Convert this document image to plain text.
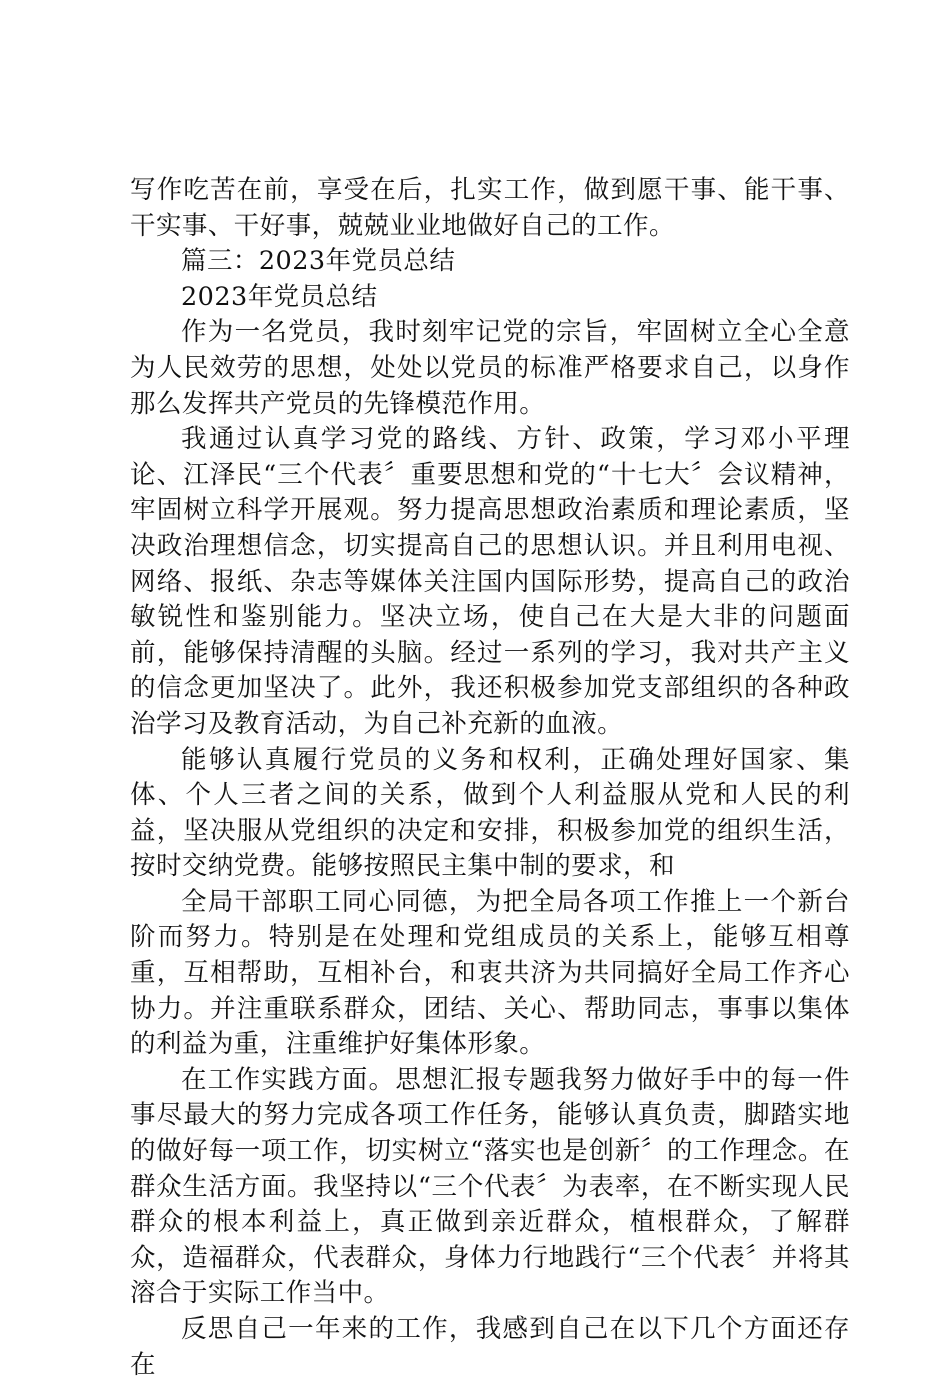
写作吃苦在前，享受在后，扎实工作，做到愿干事、能干事、干实事、干好事，兢兢业业地做好自己的工作。

篇三：2023年党员总结

2023年党员总结

作为一名党员，我时刻牢记党的宗旨，牢固树立全心全意为人民效劳的思想，处处以党员的标准严格要求自己，以身作那么发挥共产党员的先锋模范作用。

我通过认真学习党的路线、方针、政策，学习邓小平理论、江泽民“三个代表〞重要思想和党的“十七大〞会议精神，牢固树立科学开展观。努力提高思想政治素质和理论素质，坚决政治理想信念，切实提高自己的思想认识。并且利用电视、网络、报纸、杂志等媒体关注国内国际形势，提高自己的政治敏锐性和鉴别能力。坚决立场，使自己在大是大非的问题面前，能够保持清醒的头脑。经过一系列的学习，我对共产主义的信念更加坚决了。此外，我还积极参加党支部组织的各种政治学习及教育活动，为自己补充新的血液。

能够认真履行党员的义务和权利，正确处理好国家、集体、个人三者之间的关系，做到个人利益服从党和人民的利益，坚决服从党组织的决定和安排，积极参加党的组织生活，按时交纳党费。能够按照民主集中制的要求，和

全局干部职工同心同德，为把全局各项工作推上一个新台阶而努力。特别是在处理和党组成员的关系上，能够互相尊重，互相帮助，互相补台，和衷共济为共同搞好全局工作齐心协力。并注重联系群众，团结、关心、帮助同志，事事以集体的利益为重，注重维护好集体形象。

在工作实践方面。思想汇报专题我努力做好手中的每一件事尽最大的努力完成各项工作任务，能够认真负责，脚踏实地的做好每一项工作，切实树立“落实也是创新〞的工作理念。在群众生活方面。我坚持以“三个代表〞为表率，在不断实现人民群众的根本利益上，真正做到亲近群众，植根群众，了解群众，造福群众，代表群众，身体力行地践行“三个代表〞并将其溶合于实际工作当中。

反思自己一年来的工作，我感到自己在以下几个方面还存在
